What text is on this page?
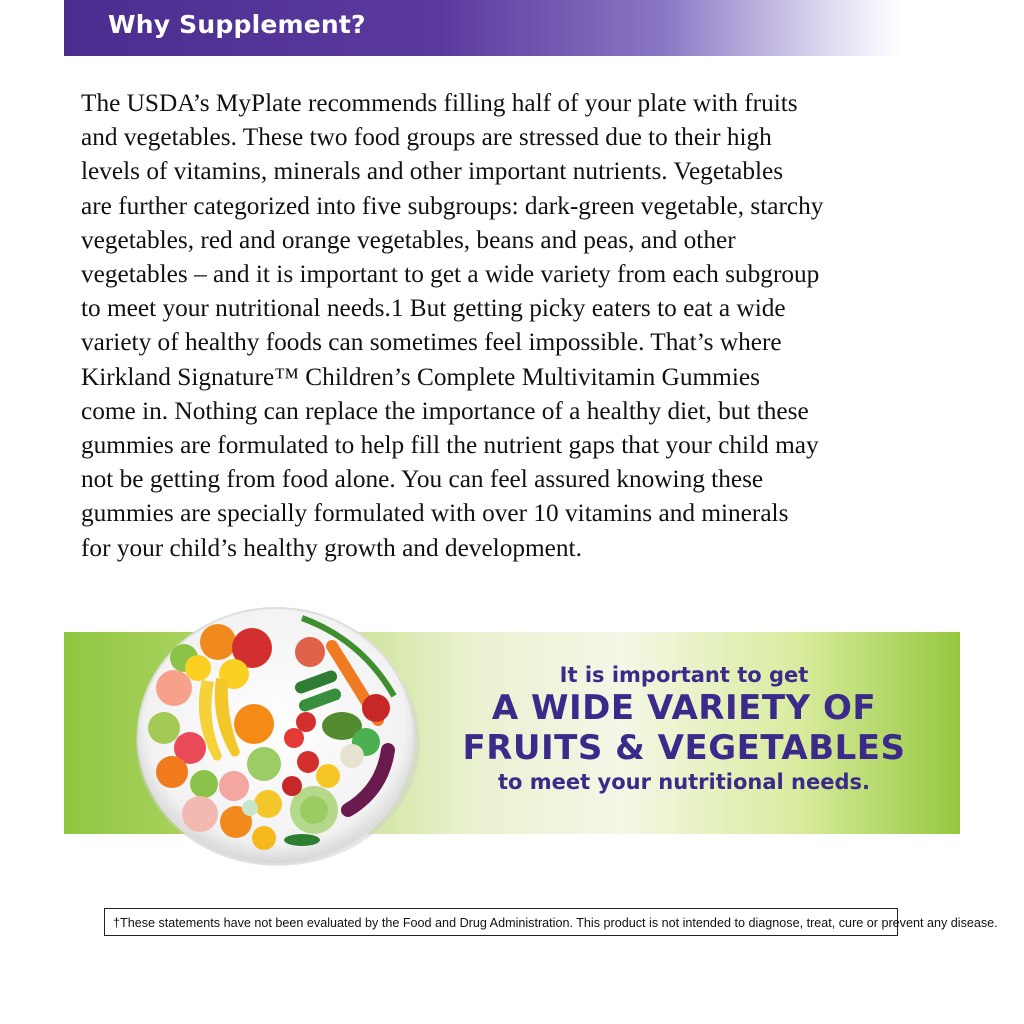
Why Supplement?

The USDA’s MyPlate recommends filling half of your plate with fruits
and vegetables. These two food groups are stressed due to their high
levels of vitamins, minerals and other important nutrients. Vegetables
are further categorized into five subgroups: dark-green vegetable, starchy
vegetables, red and orange vegetables, beans and peas, and other
vegetables – and it is important to get a wide variety from each subgroup
to meet your nutritional needs.1 But getting picky eaters to eat a wide
variety of healthy foods can sometimes feel impossible. That’s where
Kirkland Signature™ Children’s Complete Multivitamin Gummies
come in. Nothing can replace the importance of a healthy diet, but these
gummies are formulated to help fill the nutrient gaps that your child may
not be getting from food alone. You can feel assured knowing these
gummies are specially formulated with over 10 vitamins and minerals
for your child’s healthy growth and development.

It is important to get
A WIDE VARIETY OF
FRUITS & VEGETABLES
to meet your nutritional needs.
†These statements have not been evaluated by the Food and Drug Administration. This product is not intended to diagnose, treat, cure or prevent any disease.
